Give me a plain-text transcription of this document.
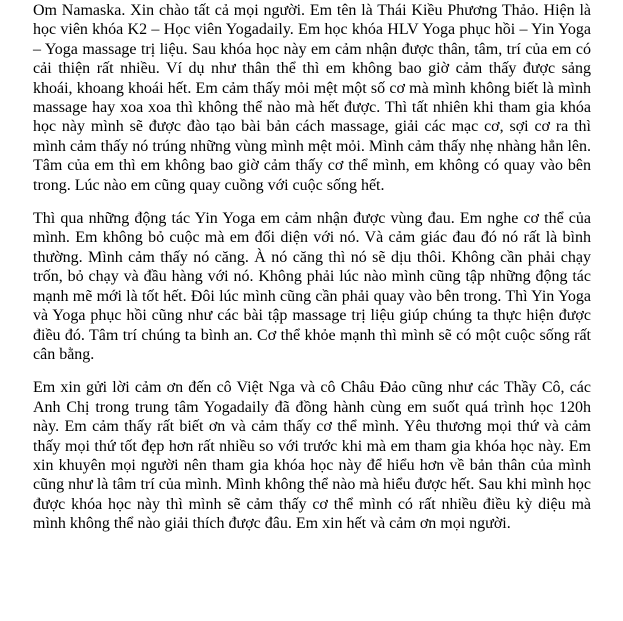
Om Namaska. Xin chào tất cả mọi người. Em tên là Thái Kiều Phương Thảo. Hiện là học viên khóa K2 – Học viên Yogadaily. Em học khóa HLV Yoga phục hồi – Yin Yoga – Yoga massage trị liệu. Sau khóa học này em cảm nhận được thân, tâm, trí của em có cải thiện rất nhiều. Ví dụ như thân thể thì em không bao giờ cảm thấy được sảng khoái, khoang khoái hết. Em cảm thấy mỏi mệt một số cơ mà mình không biết là mình massage hay xoa xoa thì không thể nào mà hết được. Thì tất nhiên khi tham gia khóa học này mình sẽ được đào tạo bài bản cách massage, giải các mạc cơ, sợi cơ ra thì mình cảm thấy nó trúng những vùng mình mệt mỏi. Mình cảm thấy nhẹ nhàng hẳn lên. Tâm của em thì em không bao giờ cảm thấy cơ thể mình, em không có quay vào bên trong. Lúc nào em cũng quay cuồng với cuộc sống hết.

Thì qua những động tác Yin Yoga em cảm nhận được vùng đau. Em nghe cơ thể của mình. Em không bỏ cuộc mà em đối diện với nó. Và cảm giác đau đó nó rất là bình thường. Mình cảm thấy nó căng. À nó căng thì nó sẽ dịu thôi. Không cần phải chạy trốn, bỏ chạy và đầu hàng với nó. Không phải lúc nào mình cũng tập những động tác mạnh mẽ mới là tốt hết. Đôi lúc mình cũng cần phải quay vào bên trong. Thì Yin Yoga và Yoga phục hồi cũng như các bài tập massage trị liệu giúp chúng ta thực hiện được điều đó. Tâm trí chúng ta bình an. Cơ thể khỏe mạnh thì mình sẽ có một cuộc sống rất cân bằng.

Em xin gửi lời cảm ơn đến cô Việt Nga và cô Châu Đảo cũng như các Thầy Cô, các Anh Chị trong trung tâm Yogadaily đã đồng hành cùng em suốt quá trình học 120h này. Em cảm thấy rất biết ơn và cảm thấy cơ thể mình. Yêu thương mọi thứ và cảm thấy mọi thứ tốt đẹp hơn rất nhiều so với trước khi mà em tham gia khóa học này. Em xin khuyên mọi người nên tham gia khóa học này để hiểu hơn về bản thân của mình cũng như là tâm trí của mình. Mình không thể nào mà hiểu được hết. Sau khi mình học được khóa học này thì mình sẽ cảm thấy cơ thể mình có rất nhiều điều kỳ diệu mà mình không thể nào giải thích được đâu. Em xin hết và cảm ơn mọi người.
